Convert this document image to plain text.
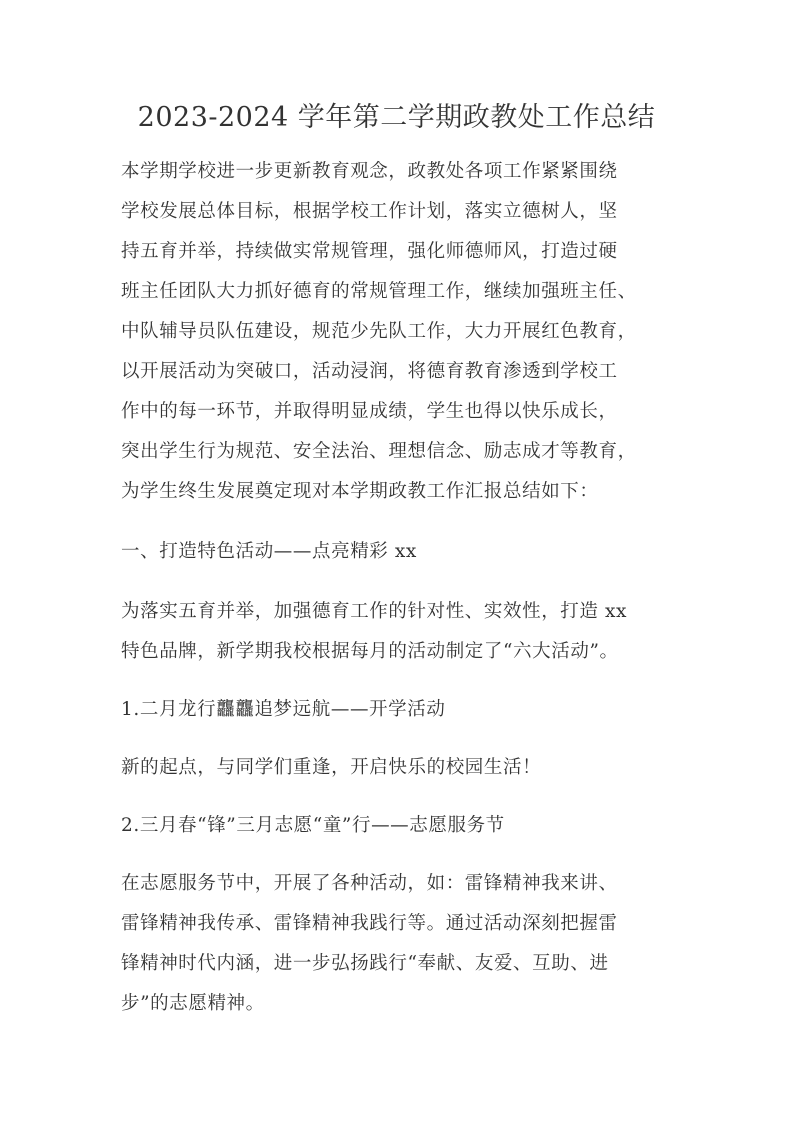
2023-2024 学年第二学期政教处工作总结
本学期学校进一步更新教育观念，政教处各项工作紧紧围绕
学校发展总体目标，根据学校工作计划，落实立德树人，坚
持五育并举，持续做实常规管理，强化师德师风，打造过硬
班主任团队大力抓好德育的常规管理工作，继续加强班主任、
中队辅导员队伍建设，规范少先队工作，大力开展红色教育，
以开展活动为突破口，活动浸润，将德育教育渗透到学校工
作中的每一环节，并取得明显成绩，学生也得以快乐成长，
突出学生行为规范、安全法治、理想信念、励志成才等教育，
为学生终生发展奠定现对本学期政教工作汇报总结如下：
一、打造特色活动——点亮精彩 xx
为落实五育并举，加强德育工作的针对性、实效性，打造 xx
特色品牌，新学期我校根据每月的活动制定了“六大活动”。
1.二月龙行龘龘追梦远航——开学活动
新的起点，与同学们重逢，开启快乐的校园生活！
2.三月春“锋”三月志愿“童”行——志愿服务节
在志愿服务节中，开展了各种活动，如：雷锋精神我来讲、
雷锋精神我传承、雷锋精神我践行等。通过活动深刻把握雷
锋精神时代内涵，进一步弘扬践行“奉献、友爱、互助、进
步”的志愿精神。
